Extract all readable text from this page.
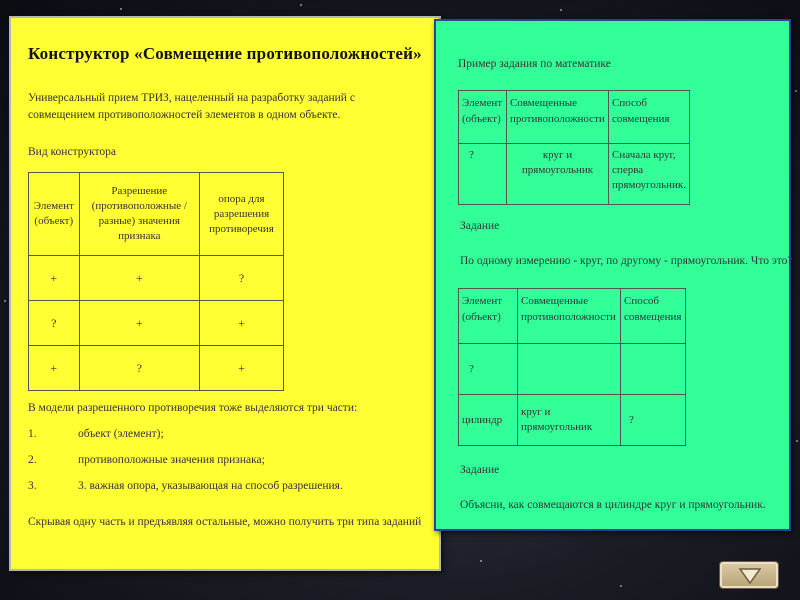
Конструктор «Совмещение противоположностей»
Универсальный прием ТРИЗ, нацеленный на разработку заданий с совмещением противоположностей элементов в одном объекте.
Вид конструктора
Элемент (объект)	Разрешение (противоположные / разные) значения признака	опора для разрешения противоречия
+	+	?
?	+	+
+	?	+
В модели разрешенного противоречия тоже выделяются три части:
1.	объект (элемент);
2.	противоположные значения признака;
3.	3. важная опора, указывающая на способ разрешения.
Скрывая одну часть и предъявляя остальные, можно получить три типа заданий
Пример задания по математике
Элемент (объект)	Совмещенные противоположности	Способ совмещения
?	круг и прямоугольник	Сначала круг, сперва прямоугольник.
Задание
По одному измерению - круг, по другому - прямоугольник. Что это?
Элемент (объект)	Совмещенные противоположности	Способ совмещения
?		
цилиндр	круг и прямоугольник	?
Задание
Объясни, как совмещаются в цилиндре круг и прямоугольник.
